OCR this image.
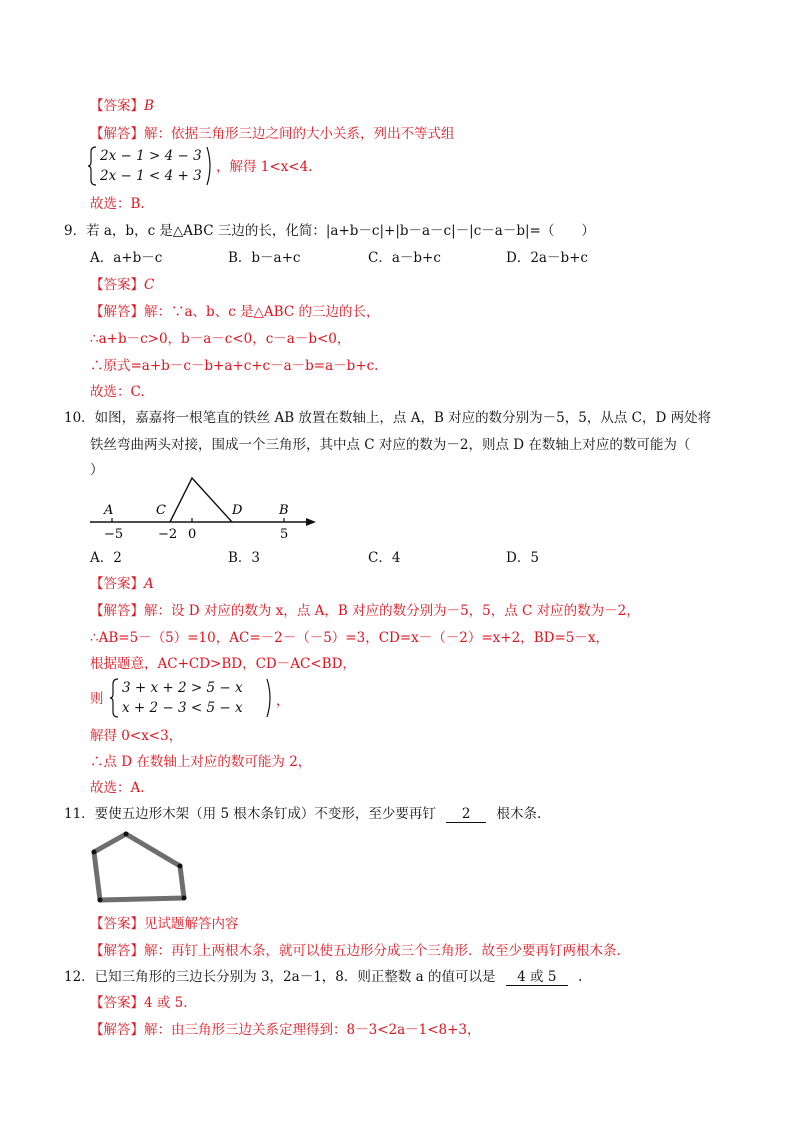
【答案】B
【解答】解：依据三角形三边之间的大小关系，列出不等式组
2x − 1 > 4 − 3
2x − 1 < 4 + 3
，解得 1<x<4.
故选：B.
9．若 a，b，c 是△ABC 三边的长，化简：|a+b－c|+|b－a－c|－|c－a－b|=（　　）
A．a+b－c	B．b－a+c	C．a－b+c	D．2a－b+c
【答案】C
【解答】解：∵a、b、c 是△ABC 的三边的长，
∴a+b－c>0，b－a－c<0，c－a－b<0，
∴原式=a+b－c－b+a+c+c－a－b=a－b+c.
故选：C.
10．如图，嘉嘉将一根笔直的铁丝 AB 放置在数轴上，点 A，B 对应的数分别为－5，5，从点 C，D 两处将
铁丝弯曲两头对接，围成一个三角形，其中点 C 对应的数为－2，则点 D 在数轴上对应的数可能为（
）
A	C	D	B
−5	−2 0	5
A．2	B．3	C．4	D．5
【答案】A
【解答】解：设 D 对应的数为 x，点 A，B 对应的数分别为－5，5，点 C 对应的数为－2，
∴AB=5－（5）=10，AC=－2－（－5）=3，CD=x－（－2）=x+2，BD=5－x，
根据题意，AC+CD>BD，CD－AC<BD，
则
3 + x + 2 > 5 − x
x + 2 − 3 < 5 − x ，
解得 0<x<3，
∴点 D 在数轴上对应的数可能为 2，
故选：A.
11．要使五边形木架（用 5 根木条钉成）不变形，至少要再钉 2 根木条.
【答案】见试题解答内容
【解答】解：再钉上两根木条，就可以使五边形分成三个三角形．故至少要再钉两根木条.
12．已知三角形的三边长分别为 3，2a－1，8．则正整数 a 的值可以是 4 或 5 .
【答案】4 或 5.
【解答】解：由三角形三边关系定理得到：8－3<2a－1<8+3，
